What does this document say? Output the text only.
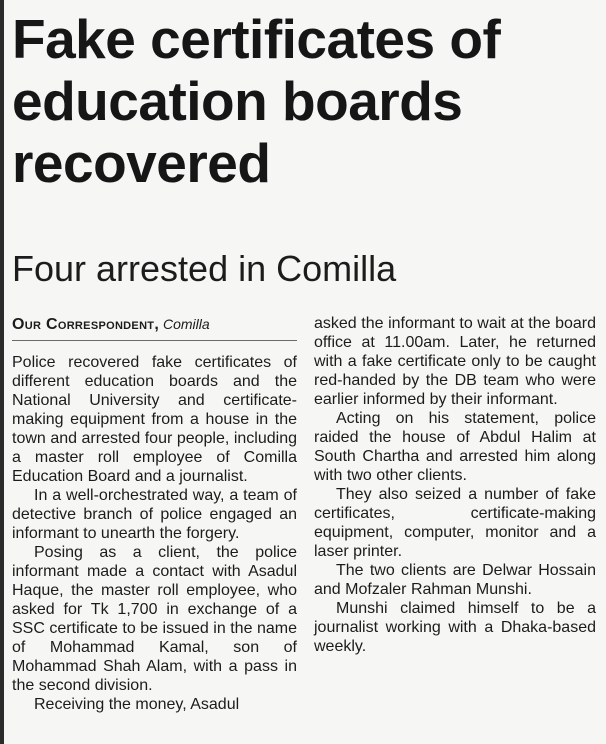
Fake certificates of education boards recovered
Four arrested in Comilla
Our Correspondent, Comilla

Police recovered fake certificates of different education boards and the National University and certificate-making equipment from a house in the town and arrested four people, including a master roll employee of Comilla Education Board and a journalist.

In a well-orchestrated way, a team of detective branch of police engaged an informant to unearth the forgery.

Posing as a client, the police informant made a contact with Asadul Haque, the master roll employee, who asked for Tk 1,700 in exchange of a SSC certificate to be issued in the name of Mohammad Kamal, son of Mohammad Shah Alam, with a pass in the second division.

Receiving the money, Asadul

asked the informant to wait at the board office at 11.00am. Later, he returned with a fake certificate only to be caught red-handed by the DB team who were earlier informed by their informant.

Acting on his statement, police raided the house of Abdul Halim at South Chartha and arrested him along with two other clients.

They also seized a number of fake certificates, certificate-making equipment, computer, monitor and a laser printer.

The two clients are Delwar Hossain and Mofzaler Rahman Munshi.

Munshi claimed himself to be a journalist working with a Dhaka-based weekly.
